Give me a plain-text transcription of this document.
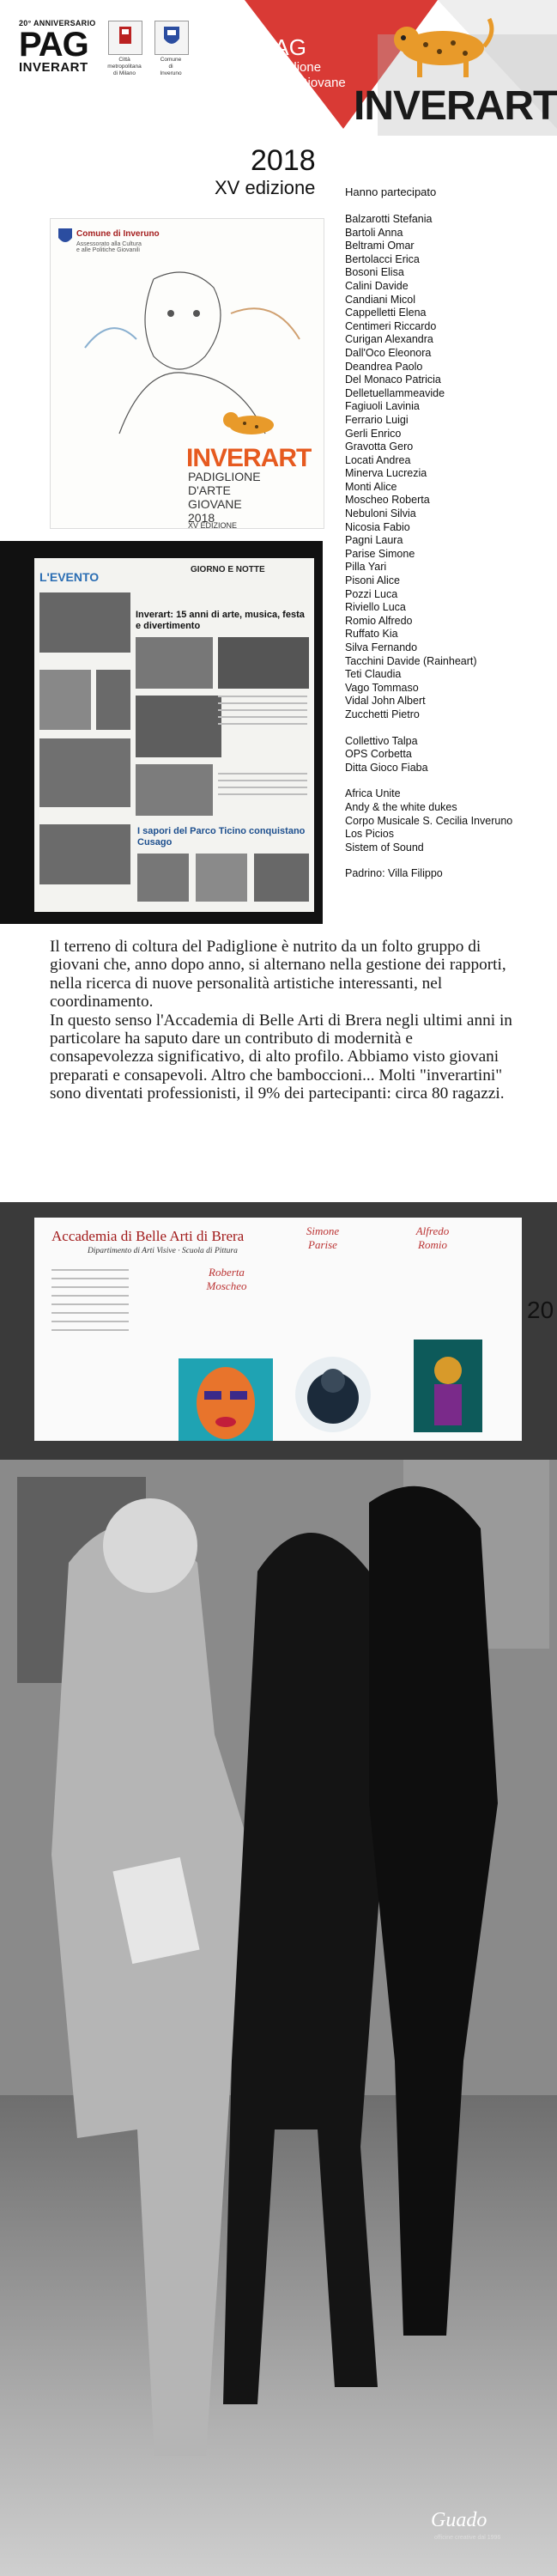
20° ANNIVERSARIO
PAG
INVERART
Città
metropolitana
di Milano
Comune
di
Inveruno
PAG
Padiglione
d'Arte Giovane
INVERART
2018
XV edizione
Comune di Inveruno
Assessorato alla Cultura
e alle Politiche Giovanili
INVERART
PADIGLIONE
D'ARTE
GIOVANE
2018
XV EDIZIONE
L'EVENTO
GIORNO E NOTTE
Inverart: 15 anni di arte, musica, festa e divertimento
I sapori del Parco Ticino conquistano Cusago
Hanno partecipato
Balzarotti Stefania
Bartoli Anna
Beltrami Omar
Bertolacci Erica
Bosoni Elisa
Calini Davide
Candiani Micol
Cappelletti Elena
Centimeri Riccardo
Curigan Alexandra
Dall'Oco Eleonora
Deandrea Paolo
Del Monaco Patricia
Delletuellammeavide
Fagiuoli Lavinia
Ferrario Luigi
Gerli Enrico
Gravotta Gero
Locati Andrea
Minerva Lucrezia
Monti Alice
Moscheo Roberta
Nebuloni Silvia
Nicosia Fabio
Pagni Laura
Parise Simone
Pilla Yari
Pisoni Alice
Pozzi Luca
Riviello Luca
Romio Alfredo
Ruffato Kia
Silva Fernando
Tacchini Davide (Rainheart)
Teti Claudia
Vago Tommaso
Vidal John Albert
Zucchetti Pietro
Collettivo Talpa
OPS Corbetta
Ditta Gioco Fiaba
Africa Unite
Andy & the white dukes
Corpo Musicale S. Cecilia Inveruno
Los Picios
Sistem of Sound
Padrino: Villa Filippo
Il terreno di coltura del Padiglione è nutrito da un folto gruppo di giovani che, anno dopo anno, si alternano nella gestione dei rapporti, nella ricerca di nuove personalità artistiche interessanti, nel coordinamento.
In questo senso l'Accademia di Belle Arti di Brera negli ultimi anni in particolare ha saputo dare un contributo di modernità e consapevolezza significativo, di alto profilo. Abbiamo visto giovani preparati e consapevoli. Altro che bamboccioni... Molti "inverartini" sono diventati professionisti, il 9% dei partecipanti: circa 80 ragazzi.
Accademia di Belle Arti di Brera
Dipartimento di Arti Visive · Scuola di Pittura
Roberta
Moscheo
Simone
Parise
Alfredo
Romio
20
Guado
officine creative dal 1996
